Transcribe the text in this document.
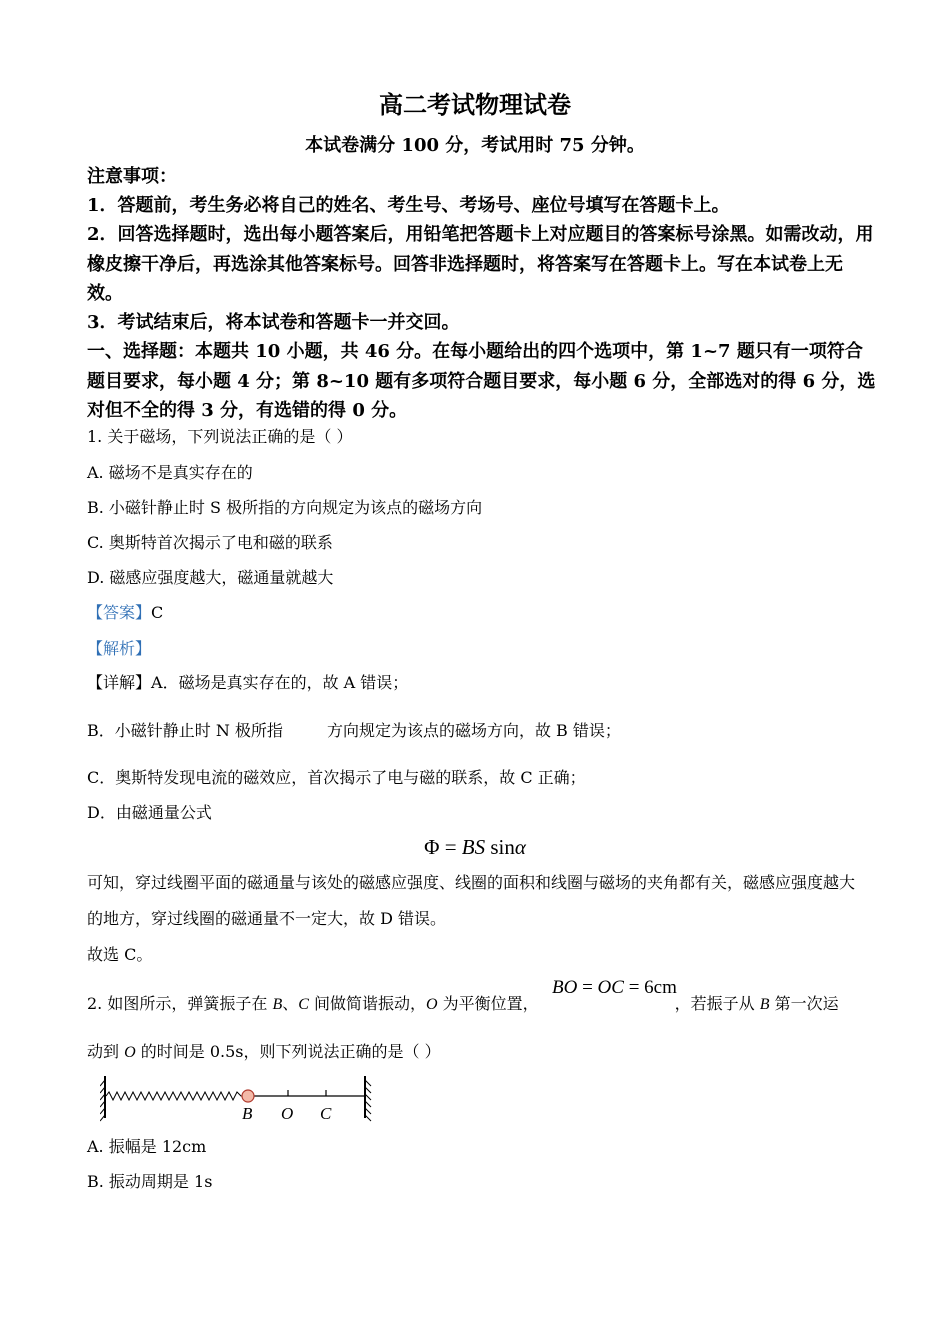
高二考试物理试卷
本试卷满分 100 分，考试用时 75 分钟。
注意事项：
1．答题前，考生务必将自己的姓名、考生号、考场号、座位号填写在答题卡上。
2．回答选择题时，选出每小题答案后，用铅笔把答题卡上对应题目的答案标号涂黑。如需改动，用橡皮擦干净后，再选涂其他答案标号。回答非选择题时，将答案写在答题卡上。写在本试卷上无效。
3．考试结束后，将本试卷和答题卡一并交回。
一、选择题：本题共 10 小题，共 46 分。在每小题给出的四个选项中，第 1~7 题只有一项符合题目要求，每小题 4 分；第 8~10 题有多项符合题目要求，每小题 6 分，全部选对的得 6 分，选对但不全的得 3 分，有选错的得 0 分。
1. 关于磁场，下列说法正确的是（ ）
A. 磁场不是真实存在的
B. 小磁针静止时 S 极所指的方向规定为该点的磁场方向
C. 奥斯特首次揭示了电和磁的联系
D. 磁感应强度越大，磁通量就越大
【答案】C
【解析】
【详解】A．磁场是真实存在的，故 A 错误；
B．小磁针静止时 N 极所指	方向规定为该点的磁场方向，故 B 错误；
C．奥斯特发现电流的磁效应，首次揭示了电与磁的联系，故 C 正确；
D．由磁通量公式
Φ = BS sinα
可知，穿过线圈平面的磁通量与该处的磁感应强度、线圈的面积和线圈与磁场的夹角都有关，磁感应强度越大的地方，穿过线圈的磁通量不一定大，故 D 错误。
故选 C。
2. 如图所示，弹簧振子在 B、C 间做简谐振动，O 为平衡位置，	，若振子从 B 第一次运
BO = OC = 6cm
动到 O 的时间是 0.5s，则下列说法正确的是（ ）
B O C
A. 振幅是 12cm
B. 振动周期是 1s
